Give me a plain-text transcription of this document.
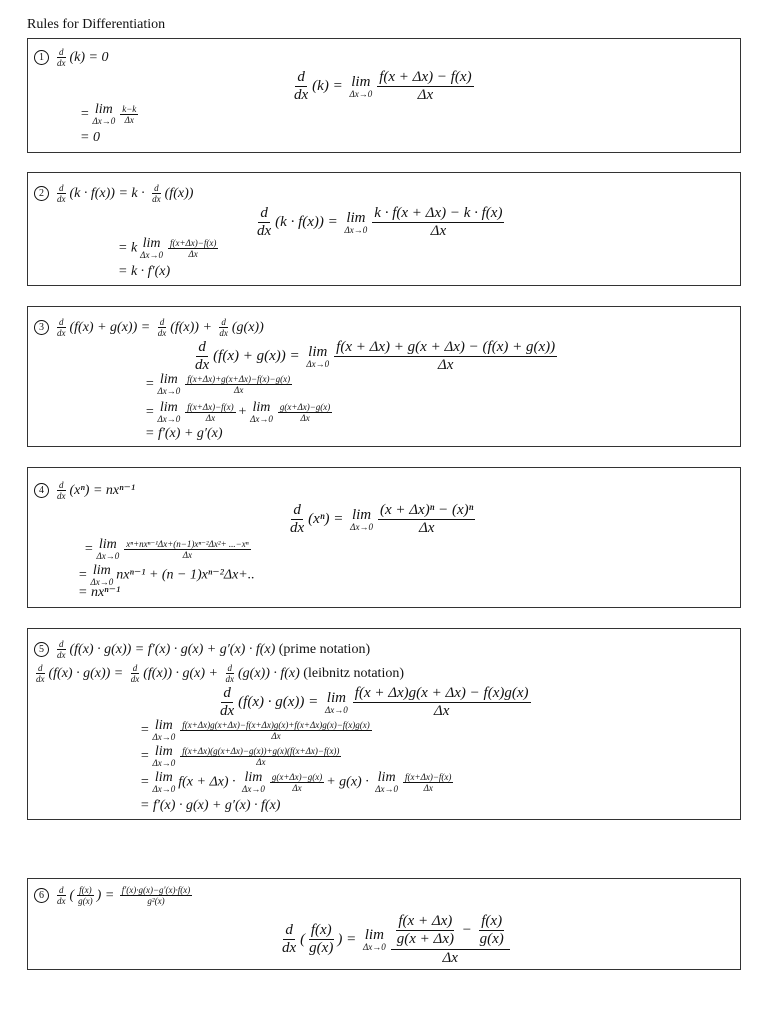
Rules for Differentiation
$1 \frac{d}{dx} (k) = 0$
$\frac{d}{dx} (k) = \lim$
$\Delta x\to 0 \frac{f(x + \Delta x) - f(x)}{\Delta x}$
= lim
$\Delta x\to 0 \frac{k-k}{\Delta x}$
= 0
$2 \frac{d}{dx} (k \cdot f(x)) = k \cdot \frac{d}{dx} (f(x))$
$\frac{d}{dx} (k \cdot f(x)) = \lim$
$\Delta x\to 0 \frac{k \cdot f(x + \Delta x) - k \cdot f(x)}{\Delta x}$
= k lim
$\Delta x\to 0 \frac{f(x+\Delta x)-f(x)}{\Delta x}$
= k · f′(x)
$3 \frac{d}{dx} (f(x) + g(x)) = \frac{d}{dx} (f(x)) + \frac{d}{dx} (g(x))$
$\frac{d}{dx} (f(x) + g(x)) = \lim$
$\Delta x\to 0 \frac{f(x + \Delta x) + g(x + \Delta x) - (f(x) + g(x))}{\Delta x}$
= lim
$\Delta x\to 0 \frac{f(x+\Delta x)+g(x+\Delta x)-f(x)-g(x)}{\Delta x}$
= lim
$\Delta x\to 0 \frac{f(x+\Delta x)-f(x)}{\Delta x} + \lim$
$\Delta x\to 0 \frac{g(x+\Delta x)-g(x)}{\Delta x}$
= f′(x) + g′(x)
$4 \frac{d}{dx} (x^n) = nx^{n-1}$
$\frac{d}{dx} (x^n) = \lim$
$\Delta x\to 0 \frac{\text{(x + Δx)ⁿ − (x)ⁿ}}{\Delta x}$
= lim
$\Delta x\to 0 \frac{\text{xⁿ+nxⁿ⁻¹Δx+(n−1)xⁿ⁻²Δx²+ ...−xⁿ}}{\Delta x}$
= lim
Δx→0 nxⁿ⁻¹ + (n − 1)xⁿ⁻²Δx+..
= nxⁿ⁻¹
$5 \frac{d}{dx} (f(x) \cdot g(x)) = f'(x) \cdot g(x) + g'(x) \cdot f(x)$ (prime notation)
$\frac{d}{dx} (f(x) \cdot g(x)) = \frac{d}{dx} (f(x)) \cdot g(x) + \frac{d}{dx} (g(x)) \cdot f(x)$ (leibnitz notation)
$\frac{d}{dx} (f(x) \cdot g(x)) = \lim$
$\Delta x\to 0 \frac{f(x + \Delta x)g(x + \Delta x) - f(x)g(x)}{\Delta x}$
= lim
$\Delta x\to 0 \frac{f(x+\Delta x)g(x+\Delta x)-f(x+\Delta x)g(x)+f(x+\Delta x)g(x)-f(x)g(x)}{\Delta x}$
= lim
$\Delta x\to 0 \frac{f(x+\Delta x)(g(x+\Delta x)-g(x))+g(x)(f(x+\Delta x)-f(x))}{\Delta x}$
= lim
Δx→0 f(x + Δx) · lim
$\Delta x\to 0 \frac{g(x+\Delta x)-g(x)}{\Delta x} + g(x) \cdot \lim$
$\Delta x\to 0 \frac{f(x+\Delta x)-f(x)}{\Delta x}$
= f′(x) · g(x) + g′(x) · f(x)
$6 \frac{d}{dx}$ ( $\frac{f(x)}{g(x)}$ ) = $\frac{f'(x)\cdot g(x)-g'(x)\cdot f(x)}{\text{g²(x)}}$
$\frac{d}{dx}$ ( $\frac{f(x)}{g(x)}$ ) = lim
$\Delta x\to 0 \frac{\frac{f(x + \Delta x)}{g(x + \Delta x)} - \frac{f(x)}{g(x)}}{\Delta x}$
